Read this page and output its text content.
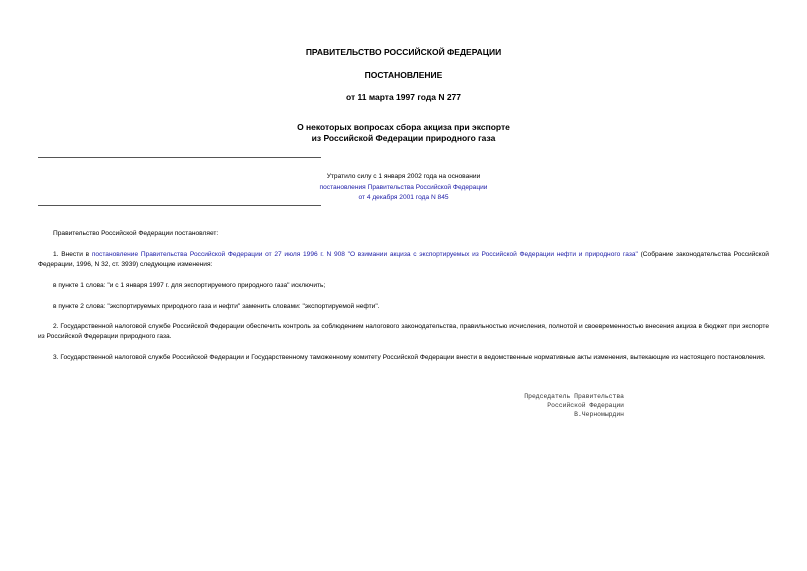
ПРАВИТЕЛЬСТВО РОССИЙСКОЙ ФЕДЕРАЦИИ
ПОСТАНОВЛЕНИЕ
от 11 марта 1997 года N 277
О некоторых вопросах сбора акциза при экспорте
из Российской Федерации природного газа
Утратило силу с 1 января 2002 года на основании
постановления Правительства Российской Федерации
от 4 декабря 2001 года N 845
Правительство Российской Федерации постановляет:
1. Внести в постановление Правительства Российской Федерации от 27 июля 1996 г. N 908 "О взимании акциза с экспортируемых из Российской Федерации нефти и природного газа" (Собрание законодательства Российской Федерации, 1996, N 32, ст. 3939) следующие изменения:
в пункте 1 слова: "и с 1 января 1997 г. для экспортируемого природного газа" исключить;
в пункте 2 слова: "экспортируемых природного газа и нефти" заменить словами: "экспортируемой нефти".
2. Государственной налоговой службе Российской Федерации обеспечить контроль за соблюдением налогового законодательства, правильностью исчисления, полнотой и своевременностью внесения акциза в бюджет при экспорте из Российской Федерации природного газа.
3. Государственной налоговой службе Российской Федерации и Государственному таможенному комитету Российской Федерации внести в ведомственные нормативные акты изменения, вытекающие из настоящего постановления.
Председатель Правительства
Российской Федерации
В.Черномырдин
